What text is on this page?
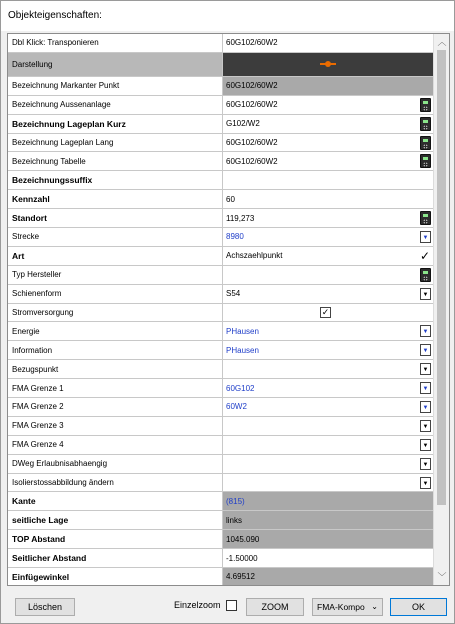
Objekteigenschaften:
Dbl Klick: Transponieren	60G102/60W2
Darstellung
Bezeichnung Markanter Punkt	60G102/60W2
Bezeichnung Aussenanlage	60G102/60W2
Bezeichnung Lageplan Kurz	G102/W2
Bezeichnung Lageplan Lang	60G102/60W2
Bezeichnung Tabelle	60G102/60W2
Bezeichnungssuffix
Kennzahl	60
Standort	119,273
Strecke	8980	▼
Art	Achszaehlpunkt	✓
Typ Hersteller
Schienenform	S54	▼
Stromversorgung	✓
Energie	PHausen	▼
Information	PHausen	▼
Bezugspunkt	▼
FMA Grenze 1	60G102	▼
FMA Grenze 2	60W2	▼
FMA Grenze 3	▼
FMA Grenze 4	▼
DWeg Erlaubnisabhaengig	▼
Isolierstossabbildung ändern	▼
Kante	(815)
seitliche Lage	links
TOP Abstand	1045.090
Seitlicher Abstand	-1.50000
Einfügewinkel	4.69512
︿
﹀
Löschen	Einzelzoom	ZOOM	FMA-Kompo ⌄	OK
